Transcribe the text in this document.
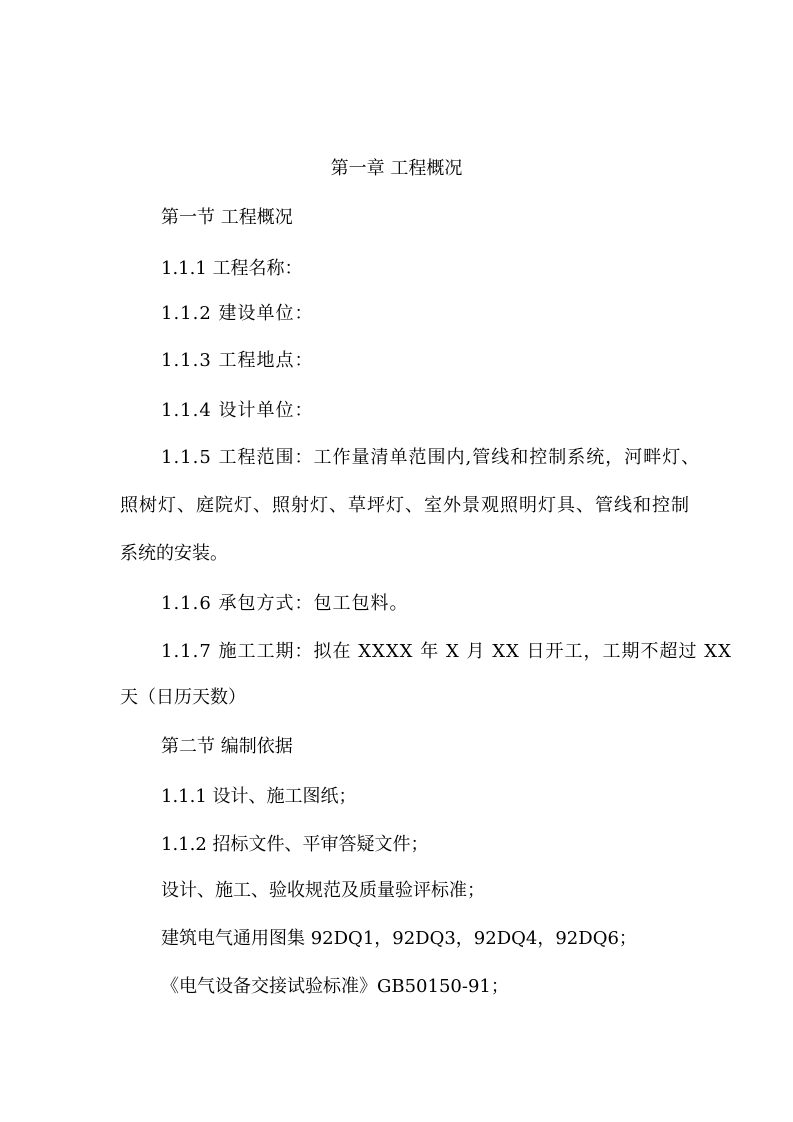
第一章 工程概况
第一节 工程概况
1.1.1 工程名称：
1.1.2 建设单位：
1.1.3 工程地点：
1.1.4 设计单位：
1.1.5 工程范围：工作量清单范围内,管线和控制系统，河畔灯、
照树灯、庭院灯、照射灯、草坪灯、室外景观照明灯具、管线和控制
系统的安装。
1.1.6 承包方式：包工包料。
1.1.7 施工工期：拟在 XXXX 年 X 月 XX 日开工，工期不超过 XX
天（日历天数）
第二节 编制依据
1.1.1 设计、施工图纸；
1.1.2 招标文件、平审答疑文件；
设计、施工、验收规范及质量验评标准；
建筑电气通用图集 92DQ1，92DQ3，92DQ4，92DQ6；
《电气设备交接试验标准》GB50150-91；
